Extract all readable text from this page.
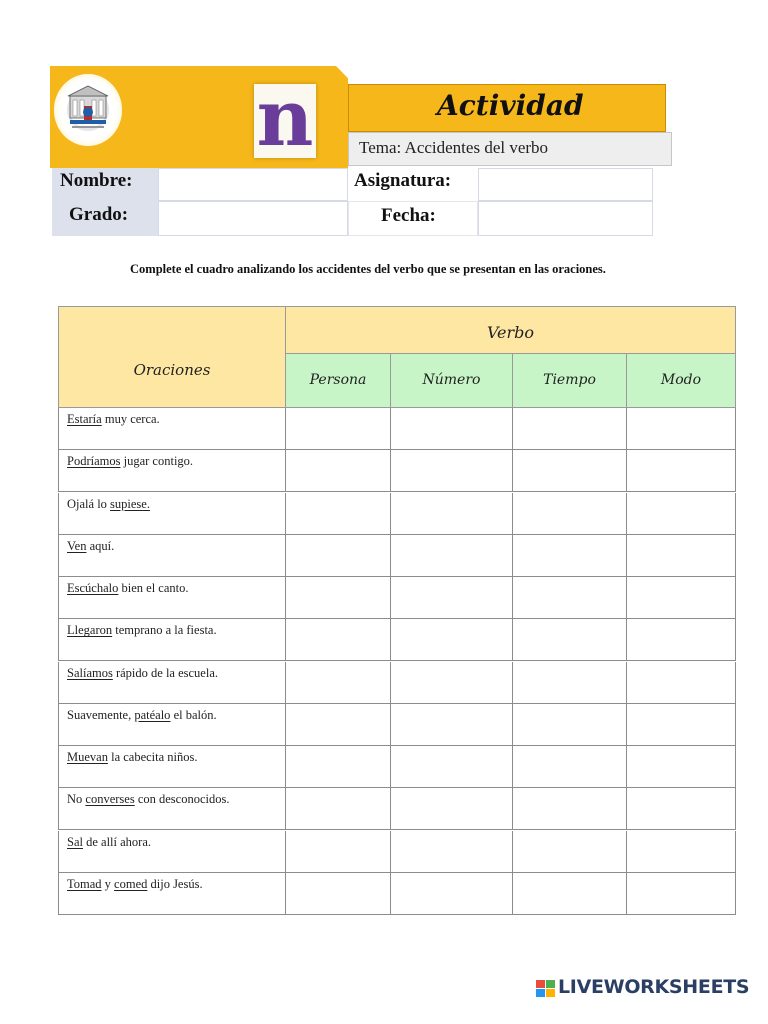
n	Actividad
Tema: Accidentes del verbo
Nombre:	Asignatura:
Grado:	Fecha:
Complete el cuadro analizando los accidentes del verbo que se presentan en las oraciones.
Oraciones
Verbo
Persona	Número	Tiempo	Modo
Estaría muy cerca.
Podríamos jugar contigo.
Ojalá lo supiese.
Ven aquí.
Escúchalo bien el canto.
Llegaron temprano a la fiesta.
Salíamos rápido de la escuela.
Suavemente, patéalo el balón.
Muevan la cabecita niños.
No converses con desconocidos.
Sal de allí ahora.
Tomad y comed dijo Jesús.
LIVEWORKSHEETS
